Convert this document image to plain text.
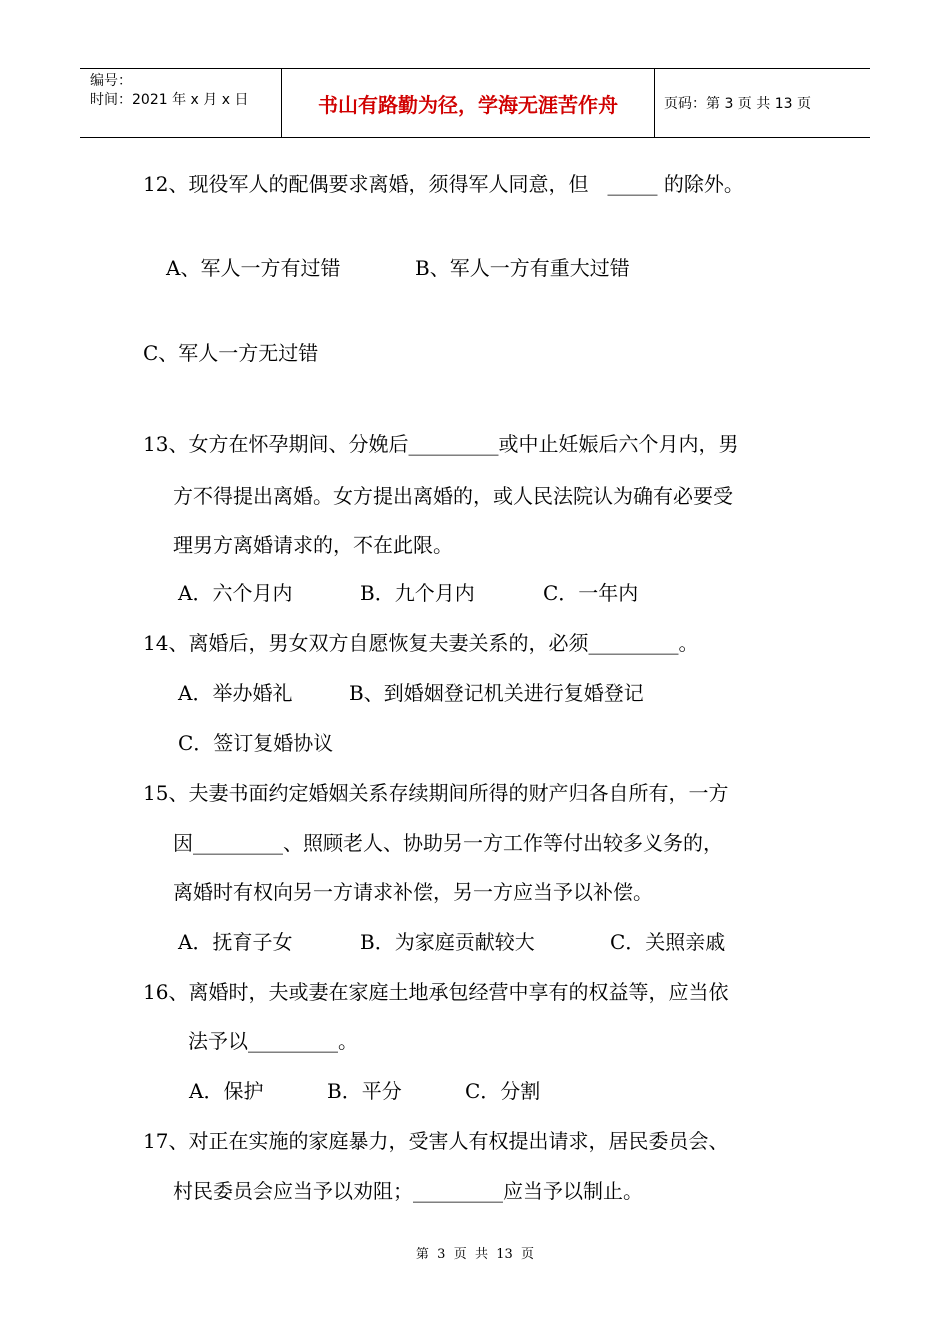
编号：
时间：2021 年 x 月 x 日	书山有路勤为径，学海无涯苦作舟	页码：第 3 页 共 13 页
12、现役军人的配偶要求离婚，须得军人同意，但   _____ 的除外。
A、军人一方有过错	B、军人一方有重大过错
C、军人一方无过错
13、女方在怀孕期间、分娩后_________或中止妊娠后六个月内，男
方不得提出离婚。女方提出离婚的，或人民法院认为确有必要受
理男方离婚请求的，不在此限。
A．六个月内	B．九个月内	C．一年内
14、离婚后，男女双方自愿恢复夫妻关系的，必须_________。
A．举办婚礼	B、到婚姻登记机关进行复婚登记
C．签订复婚协议
15、夫妻书面约定婚姻关系存续期间所得的财产归各自所有，一方
因_________、照顾老人、协助另一方工作等付出较多义务的，
离婚时有权向另一方请求补偿，另一方应当予以补偿。
A．抚育子女	B．为家庭贡献较大	C．关照亲戚
16、离婚时，夫或妻在家庭土地承包经营中享有的权益等，应当依
法予以_________。
A．保护	B．平分	C．分割
17、对正在实施的家庭暴力，受害人有权提出请求，居民委员会、
村民委员会应当予以劝阻；_________应当予以制止。
第  3  页  共  13  页
